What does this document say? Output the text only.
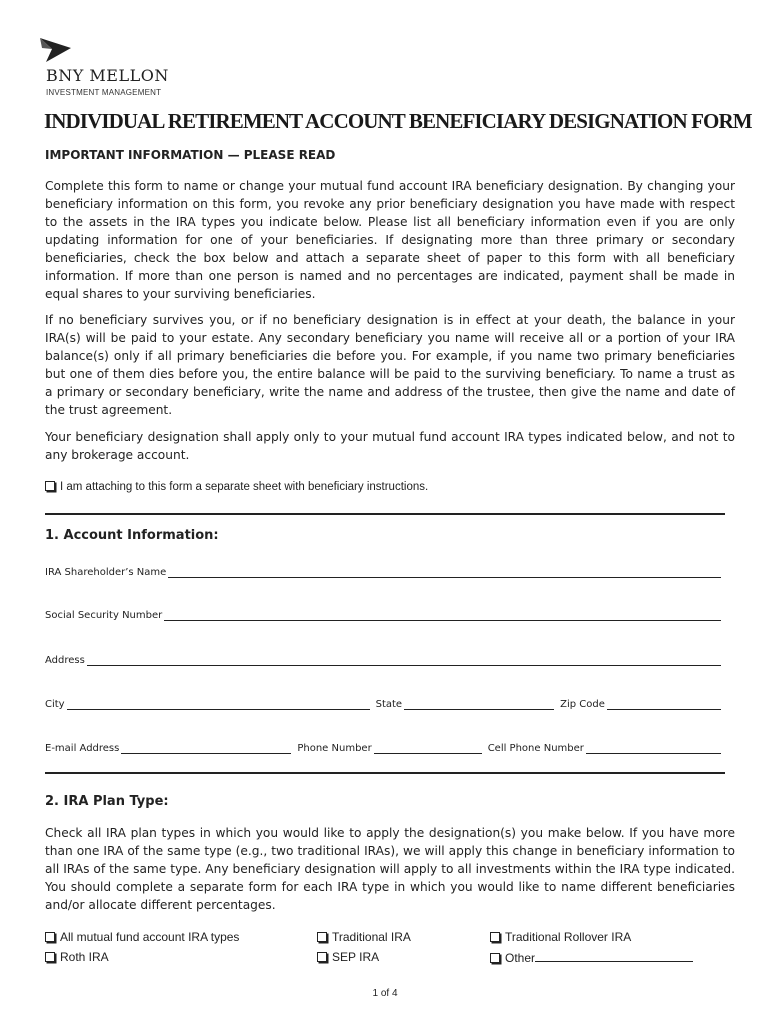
BNY MELLON
INVESTMENT MANAGEMENT
INDIVIDUAL RETIREMENT ACCOUNT BENEFICIARY DESIGNATION FORM
IMPORTANT INFORMATION — PLEASE READ

Complete this form to name or change your mutual fund account IRA beneficiary designation. By changing your beneficiary information on this form, you revoke any prior beneficiary designation you have made with respect to the assets in the IRA types you indicate below. Please list all beneficiary information even if you are only updating information for one of your beneficiaries. If designating more than three primary or secondary beneficiaries, check the box below and attach a separate sheet of paper to this form with all beneficiary information. If more than one person is named and no percentages are indicated, payment shall be made in equal shares to your surviving beneficiaries.

If no beneficiary survives you, or if no beneficiary designation is in effect at your death, the balance in your IRA(s) will be paid to your estate. Any secondary beneficiary you name will receive all or a portion of your IRA balance(s) only if all primary beneficiaries die before you. For example, if you name two primary beneficiaries but one of them dies before you, the entire balance will be paid to the surviving beneficiary. To name a trust as a primary or secondary beneficiary, write the name and address of the trustee, then give the name and date of the trust agreement.

Your beneficiary designation shall apply only to your mutual fund account IRA types indicated below, and not to any brokerage account.

I am attaching to this form a separate sheet with beneficiary instructions.
1. Account Information:
IRA Shareholder’s Name
Social Security Number
Address
City	State	Zip Code
E-mail Address	Phone Number	Cell Phone Number
2. IRA Plan Type:

Check all IRA plan types in which you would like to apply the designation(s) you make below. If you have more than one IRA of the same type (e.g., two traditional IRAs), we will apply this change in beneficiary information to all IRAs of the same type. Any beneficiary designation will apply to all investments within the IRA type indicated. You should complete a separate form for each IRA type in which you would like to name different beneficiaries and/or allocate different percentages.

All mutual fund account IRA types	Traditional IRA	Traditional Rollover IRA
Roth IRA	SEP IRA	Other
1 of 4
